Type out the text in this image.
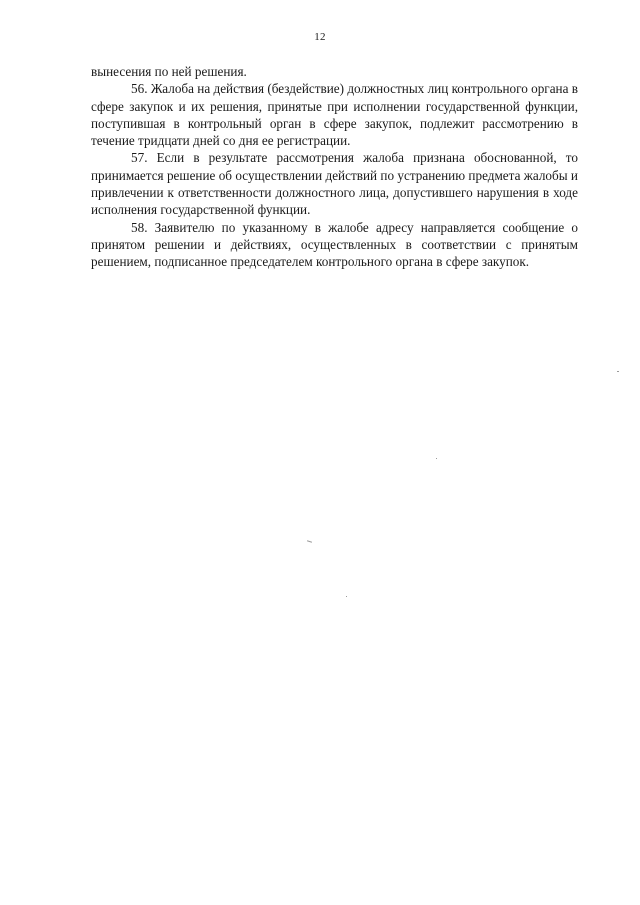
12

вынесения по ней решения.

56. Жалоба на действия (бездействие) должностных лиц контрольного органа в сфере закупок и их решения, принятые при исполнении государственной функции, поступившая в контрольный орган в сфере закупок, подлежит рассмотрению в течение тридцати дней со дня ее регистрации.

57. Если в результате рассмотрения жалоба признана обоснованной, то принимается решение об осуществлении действий по устранению предмета жалобы и привлечении к ответственности должностного лица, допустившего нарушения в ходе исполнения государственной функции.

58. Заявителю по указанному в жалобе адресу направляется сообщение о принятом решении и действиях, осуществленных в соответствии с принятым решением, подписанное председателем контрольного органа в сфере закупок.
